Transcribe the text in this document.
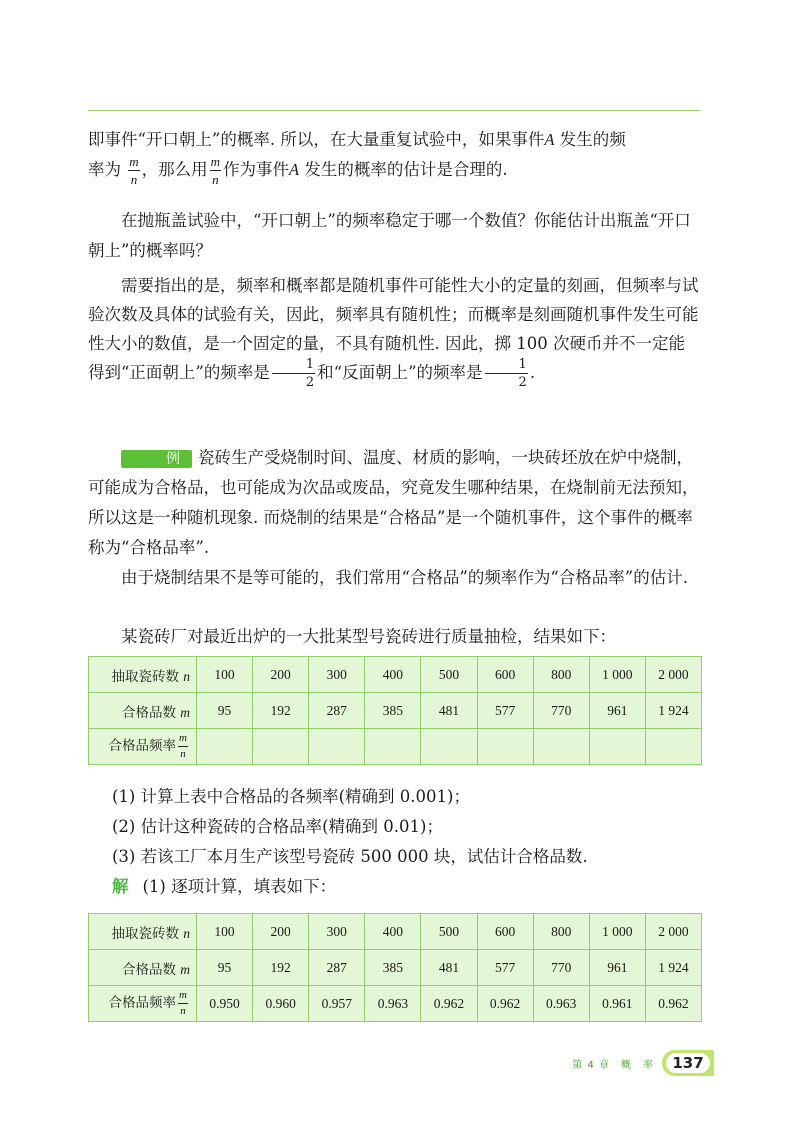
即事件“开口朝上”的概率. 所以，在大量重复试验中，如果事件A 发生的频
率为 $\frac{m}{n}$ ，那么用 $\frac{m}{n}$ 作为事件A 发生的概率的估计是合理的.

在抛瓶盖试验中，“开口朝上”的频率稳定于哪一个数值？你能估计出瓶盖“开口朝上”的概率吗？

需要指出的是，频率和概率都是随机事件可能性大小的定量的刻画，但频率与试验次数及具体的试验有关，因此，频率具有随机性；而概率是刻画随机事件发生可能性大小的数值，是一个固定的量，不具有随机性. 因此，掷 100 次硬币并不一定能得到“正面朝上”的频率是 $\frac{1}{2}$ 和“反面朝上”的频率是 $\frac{1}{2}$ .

例 瓷砖生产受烧制时间、温度、材质的影响，一块砖坯放在炉中烧制，可能成为合格品，也可能成为次品或废品，究竟发生哪种结果，在烧制前无法预知，所以这是一种随机现象. 而烧制的结果是“合格品”是一个随机事件，这个事件的概率称为“合格品率”.

由于烧制结果不是等可能的，我们常用“合格品”的频率作为“合格品率”的估计.

某瓷砖厂对最近出炉的一大批某型号瓷砖进行质量抽检，结果如下：

抽取瓷砖数 n	100	200	300	400	500	600	800	1 000	2 000
合格品数 m	95	192	287	385	481	577	770	961	1 924
合格品频率 $\frac{m}{n}$

(1) 计算上表中合格品的各频率(精确到 0.001)；

(2) 估计这种瓷砖的合格品率(精确到 0.01)；

(3) 若该工厂本月生产该型号瓷砖 500 000 块，试估计合格品数.

解 (1) 逐项计算，填表如下：

抽取瓷砖数 n	100	200	300	400	500	600	800	1 000	2 000
合格品数 m	95	192	287	385	481	577	770	961	1 924
合格品频率 $\frac{m}{n}$	0.950	0.960	0.957	0.963	0.962	0.962	0.963	0.961	0.962
第 4 章　概　率	137
